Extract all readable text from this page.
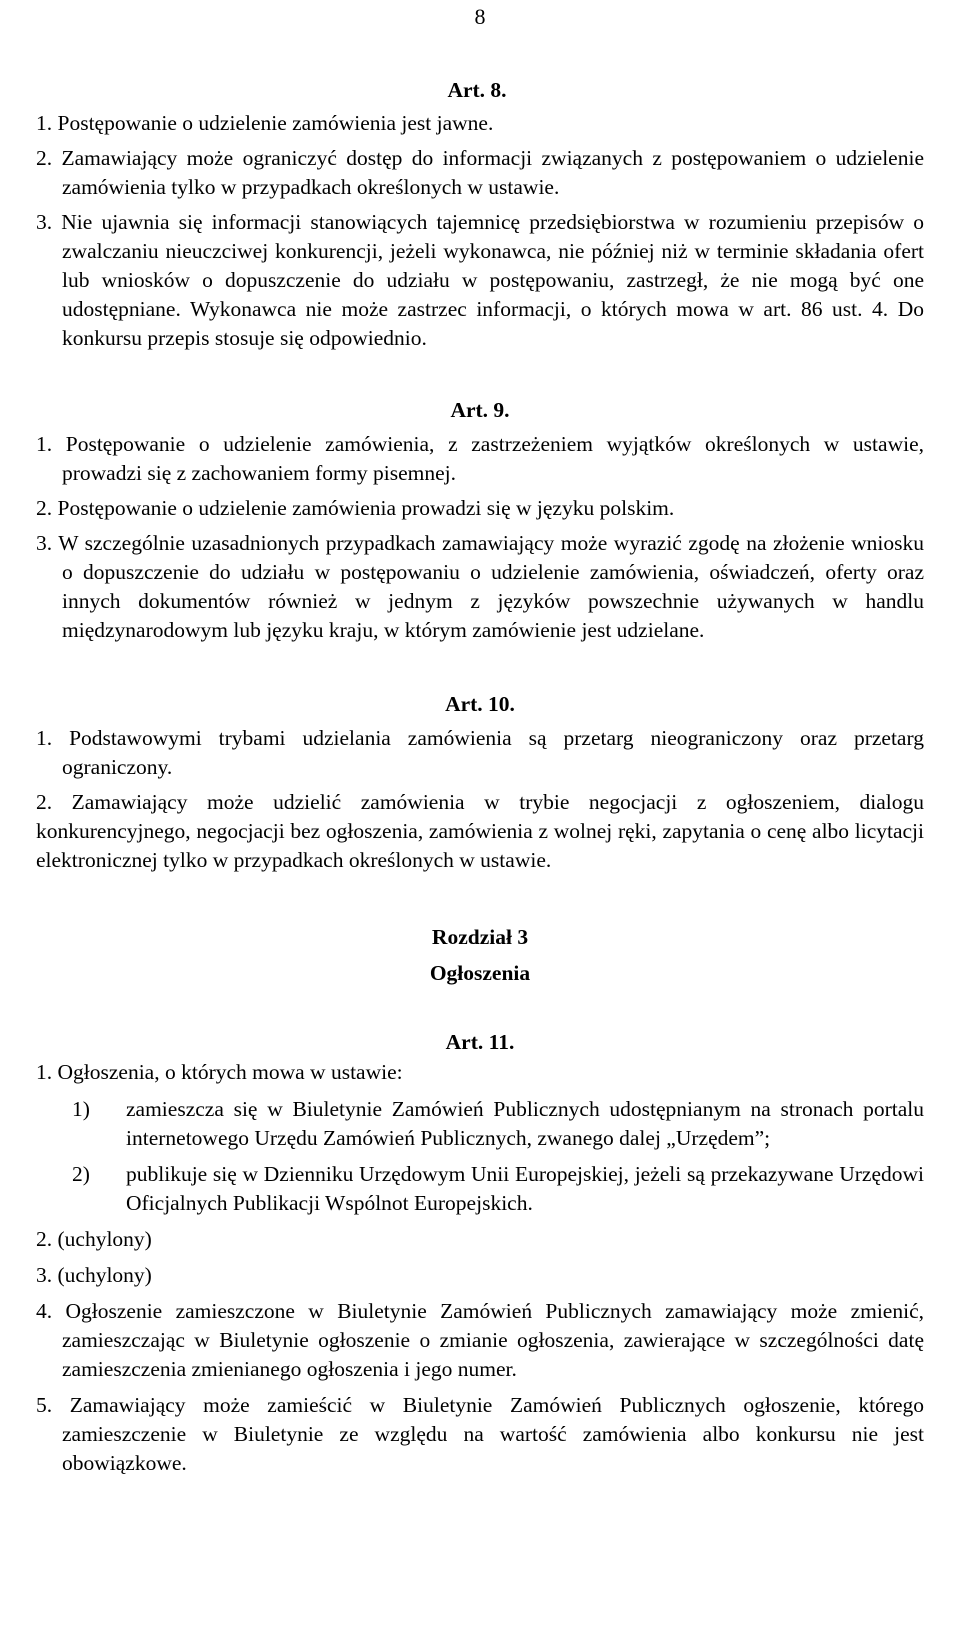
8
Art. 8.

1. Postępowanie o udzielenie zamówienia jest jawne.

2. Zamawiający może ograniczyć dostęp do informacji związanych z postępowaniem o udzielenie zamówienia tylko w przypadkach określonych w ustawie.

3. Nie ujawnia się informacji stanowiących tajemnicę przedsiębiorstwa w rozumieniu przepisów o zwalczaniu nieuczciwej konkurencji, jeżeli wykonawca, nie później niż w terminie składania ofert lub wniosków o dopuszczenie do udziału w postępowaniu, zastrzegł, że nie mogą być one udostępniane. Wykonawca nie może zastrzec informacji, o których mowa w art. 86 ust. 4. Do konkursu przepis stosuje się odpowiednio.

Art. 9.

1. Postępowanie o udzielenie zamówienia, z zastrzeżeniem wyjątków określonych w ustawie, prowadzi się z zachowaniem formy pisemnej.

2. Postępowanie o udzielenie zamówienia prowadzi się w języku polskim.

3. W szczególnie uzasadnionych przypadkach zamawiający może wyrazić zgodę na złożenie wniosku o dopuszczenie do udziału w postępowaniu o udzielenie zamówienia, oświadczeń, oferty oraz innych dokumentów również w jednym z języków powszechnie używanych w handlu międzynarodowym lub języku kraju, w którym zamówienie jest udzielane.

Art. 10.

1. Podstawowymi trybami udzielania zamówienia są przetarg nieograniczony oraz przetarg ograniczony.

2. Zamawiający może udzielić zamówienia w trybie negocjacji z ogłoszeniem, dialogu konkurencyjnego, negocjacji bez ogłoszenia, zamówienia z wolnej ręki, zapytania o cenę albo licytacji elektronicznej tylko w przypadkach określonych w ustawie.

Rozdział 3
Ogłoszenia
Art. 11.

1. Ogłoszenia, o których mowa w ustawie:

1)	zamieszcza się w Biuletynie Zamówień Publicznych udostępnianym na stronach portalu internetowego Urzędu Zamówień Publicznych, zwanego dalej „Urzędem”;
2)	publikuje się w Dzienniku Urzędowym Unii Europejskiej, jeżeli są przekazywane Urzędowi Oficjalnych Publikacji Wspólnot Europejskich.

2. (uchylony)

3. (uchylony)

4. Ogłoszenie zamieszczone w Biuletynie Zamówień Publicznych zamawiający może zmienić, zamieszczając w Biuletynie ogłoszenie o zmianie ogłoszenia, zawierające w szczególności datę zamieszczenia zmienianego ogłoszenia i jego numer.

5. Zamawiający może zamieścić w Biuletynie Zamówień Publicznych ogłoszenie, którego zamieszczenie w Biuletynie ze względu na wartość zamówienia albo konkursu nie jest obowiązkowe.
